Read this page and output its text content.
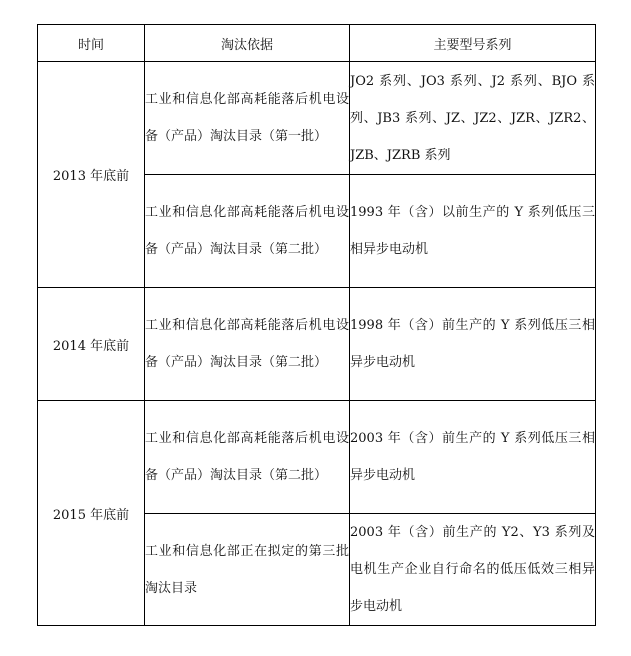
时间	淘汰依据	主要型号系列
2013 年底前	工业和信息化部高耗能落后机电设备（产品）淘汰目录（第一批）	JO2 系列、JO3 系列、J2 系列、BJO 系列、JB3 系列、JZ、JZ2、JZR、JZR2、JZB、JZRB 系列
	工业和信息化部高耗能落后机电设备（产品）淘汰目录（第二批）	1993 年（含）以前生产的 Y 系列低压三相异步电动机
2014 年底前	工业和信息化部高耗能落后机电设备（产品）淘汰目录（第二批）	1998 年（含）前生产的 Y 系列低压三相异步电动机
2015 年底前	工业和信息化部高耗能落后机电设备（产品）淘汰目录（第二批）	2003 年（含）前生产的 Y 系列低压三相异步电动机
	工业和信息化部正在拟定的第三批淘汰目录	2003 年（含）前生产的 Y2、Y3 系列及电机生产企业自行命名的低压低效三相异步电动机
